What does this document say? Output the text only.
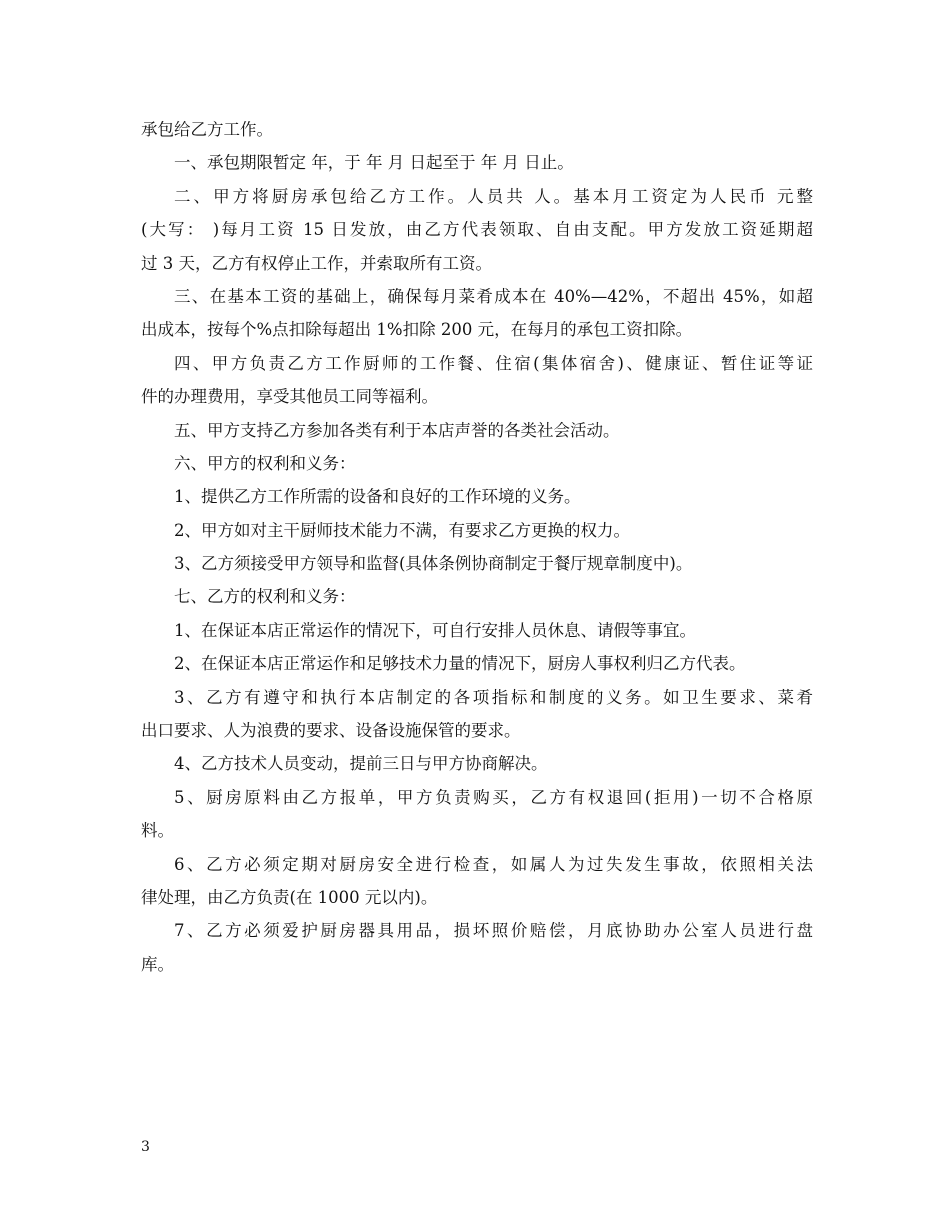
承包给乙方工作。
一、承包期限暂定 年，于 年 月 日起至于 年 月 日止。
二、甲方将厨房承包给乙方工作。人员共 人。基本月工资定为人民币 元整
(大写： )每月工资 15 日发放，由乙方代表领取、自由支配。甲方发放工资延期超
过 3 天，乙方有权停止工作，并索取所有工资。
三、在基本工资的基础上，确保每月菜肴成本在 40%—42%，不超出 45%，如超
出成本，按每个%点扣除每超出 1%扣除 200 元，在每月的承包工资扣除。
四、甲方负责乙方工作厨师的工作餐、住宿(集体宿舍)、健康证、暂住证等证
件的办理费用，享受其他员工同等福利。
五、甲方支持乙方参加各类有利于本店声誉的各类社会活动。
六、甲方的权利和义务：
1、提供乙方工作所需的设备和良好的工作环境的义务。
2、甲方如对主干厨师技术能力不满，有要求乙方更换的权力。
3、乙方须接受甲方领导和监督(具体条例协商制定于餐厅规章制度中)。
七、乙方的权利和义务：
1、在保证本店正常运作的情况下，可自行安排人员休息、请假等事宜。
2、在保证本店正常运作和足够技术力量的情况下，厨房人事权利归乙方代表。
3、乙方有遵守和执行本店制定的各项指标和制度的义务。如卫生要求、菜肴
出口要求、人为浪费的要求、设备设施保管的要求。
4、乙方技术人员变动，提前三日与甲方协商解决。
5、厨房原料由乙方报单，甲方负责购买，乙方有权退回(拒用)一切不合格原
料。
6、乙方必须定期对厨房安全进行检查，如属人为过失发生事故，依照相关法
律处理，由乙方负责(在 1000 元以内)。
7、乙方必须爱护厨房器具用品，损坏照价赔偿，月底协助办公室人员进行盘
库。
3
